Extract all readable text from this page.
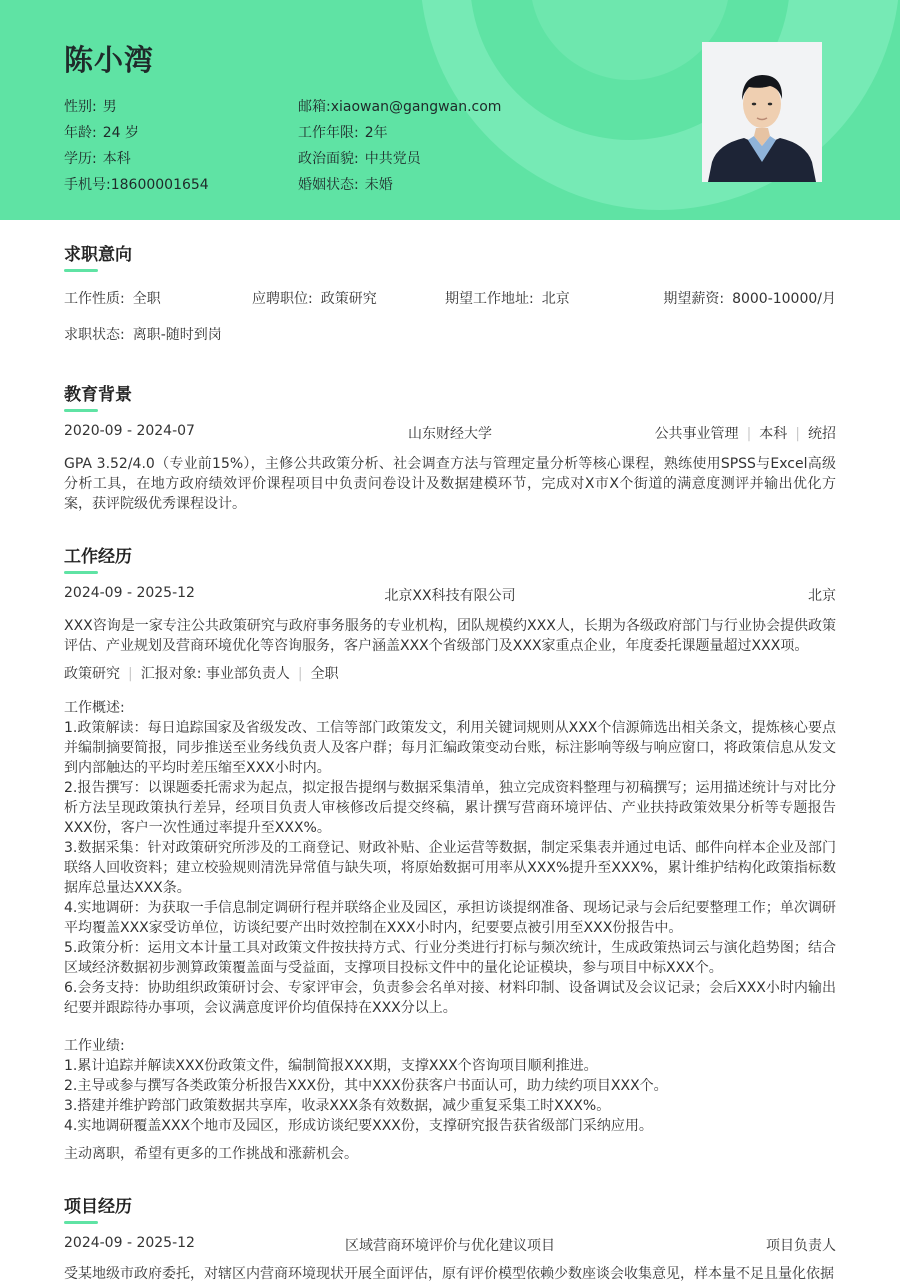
陈小湾
性别: 男
年龄: 24 岁
学历: 本科
手机号:18600001654
邮箱:xiaowan@gangwan.com
工作年限: 2年
政治面貌: 中共党员
婚姻状态: 未婚
求职意向
工作性质: 全职	应聘职位: 政策研究	期望工作地址: 北京	期望薪资: 8000-10000/月
求职状态: 离职-随时到岗
教育背景
2020-09 - 2024-07	山东财经大学	公共事业管理 | 本科 | 统招

GPA 3.52/4.0（专业前15%），主修公共政策分析、社会调查方法与管理定量分析等核心课程，熟练使用SPSS与Excel高级分析工具，在地方政府绩效评价课程项目中负责问卷设计及数据建模环节，完成对X市X个街道的满意度测评并输出优化方案，获评院级优秀课程设计。

工作经历
2024-09 - 2025-12	北京XX科技有限公司	北京

XXX咨询是一家专注公共政策研究与政府事务服务的专业机构，团队规模约XXX人，长期为各级政府部门与行业协会提供政策评估、产业规划及营商环境优化等咨询服务，客户涵盖XXX个省级部门及XXX家重点企业，年度委托课题量超过XXX项。

政策研究 | 汇报对象: 事业部负责人 | 全职
工作概述:
1.政策解读：每日追踪国家及省级发改、工信等部门政策发文，利用关键词规则从XXX个信源筛选出相关条文，提炼核心要点并编制摘要简报，同步推送至业务线负责人及客户群；每月汇编政策变动台账，标注影响等级与响应窗口，将政策信息从发文到内部触达的平均时差压缩至XXX小时内。
2.报告撰写：以课题委托需求为起点，拟定报告提纲与数据采集清单，独立完成资料整理与初稿撰写；运用描述统计与对比分析方法呈现政策执行差异，经项目负责人审核修改后提交终稿，累计撰写营商环境评估、产业扶持政策效果分析等专题报告XXX份，客户一次性通过率提升至XXX%。
3.数据采集：针对政策研究所涉及的工商登记、财政补贴、企业运营等数据，制定采集表并通过电话、邮件向样本企业及部门联络人回收资料；建立校验规则清洗异常值与缺失项，将原始数据可用率从XXX%提升至XXX%，累计维护结构化政策指标数据库总量达XXX条。
4.实地调研：为获取一手信息制定调研行程并联络企业及园区，承担访谈提纲准备、现场记录与会后纪要整理工作；单次调研平均覆盖XXX家受访单位，访谈纪要产出时效控制在XXX小时内，纪要要点被引用至XXX份报告中。
5.政策分析：运用文本计量工具对政策文件按扶持方式、行业分类进行打标与频次统计，生成政策热词云与演化趋势图；结合区域经济数据初步测算政策覆盖面与受益面，支撑项目投标文件中的量化论证模块，参与项目中标XXX个。
6.会务支持：协助组织政策研讨会、专家评审会，负责参会名单对接、材料印制、设备调试及会议记录；会后XXX小时内输出纪要并跟踪待办事项，会议满意度评价均值保持在XXX分以上。
工作业绩:
1.累计追踪并解读XXX份政策文件，编制简报XXX期，支撑XXX个咨询项目顺利推进。
2.主导或参与撰写各类政策分析报告XXX份，其中XXX份获客户书面认可，助力续约项目XXX个。
3.搭建并维护跨部门政策数据共享库，收录XXX条有效数据，减少重复采集工时XXX%。
4.实地调研覆盖XXX个地市及园区，形成访谈纪要XXX份，支撑研究报告获省级部门采纳应用。

主动离职，希望有更多的工作挑战和涨薪机会。

项目经历
2024-09 - 2025-12	区域营商环境评价与优化建议项目	项目负责人

受某地级市政府委托，对辖区内营商环境现状开展全面评估，原有评价模型依赖少数座谈会收集意见，样本量不足且量化依据
